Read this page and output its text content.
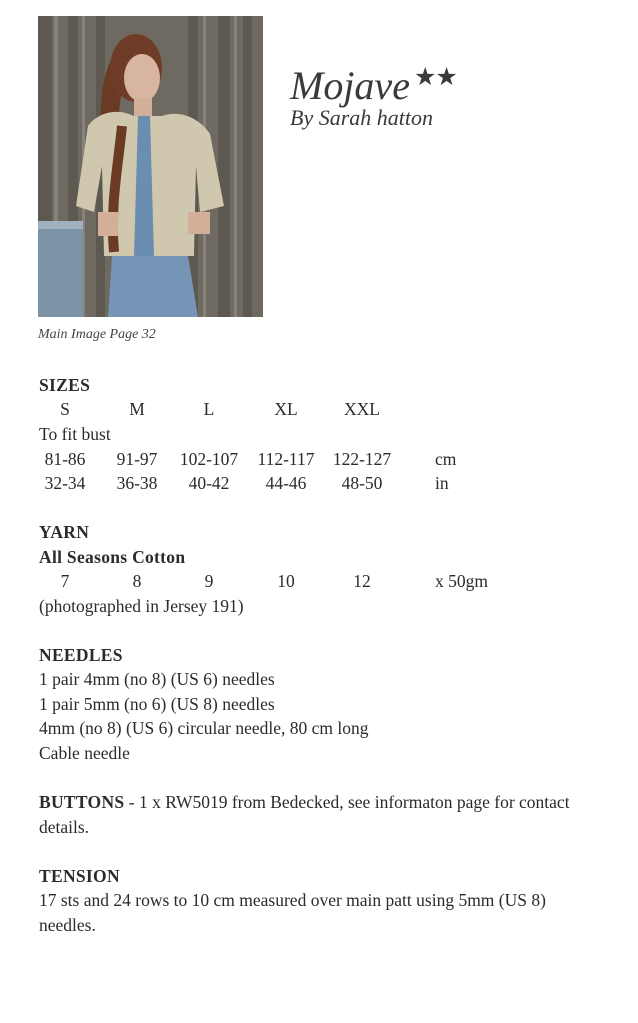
Mojave ★★
By Sarah hatton
Main Image Page 32
SIZES
S	M	L	XL	XXL
To fit bust
81-86 91-97 102-107 112-117 122-127	cm
32-34 36-38 40-42 44-46 48-50	in
YARN
All Seasons Cotton
7	8	9	10	12	x 50gm
(photographed in Jersey 191)
NEEDLES
1 pair 4mm (no 8) (US 6) needles
1 pair 5mm (no 6) (US 8) needles
4mm (no 8) (US 6) circular needle, 80 cm long
Cable needle
BUTTONS - 1 x RW5019 from Bedecked, see informaton page for contact details.
TENSION
17 sts and 24 rows to 10 cm measured over main patt using 5mm (US 8) needles.
